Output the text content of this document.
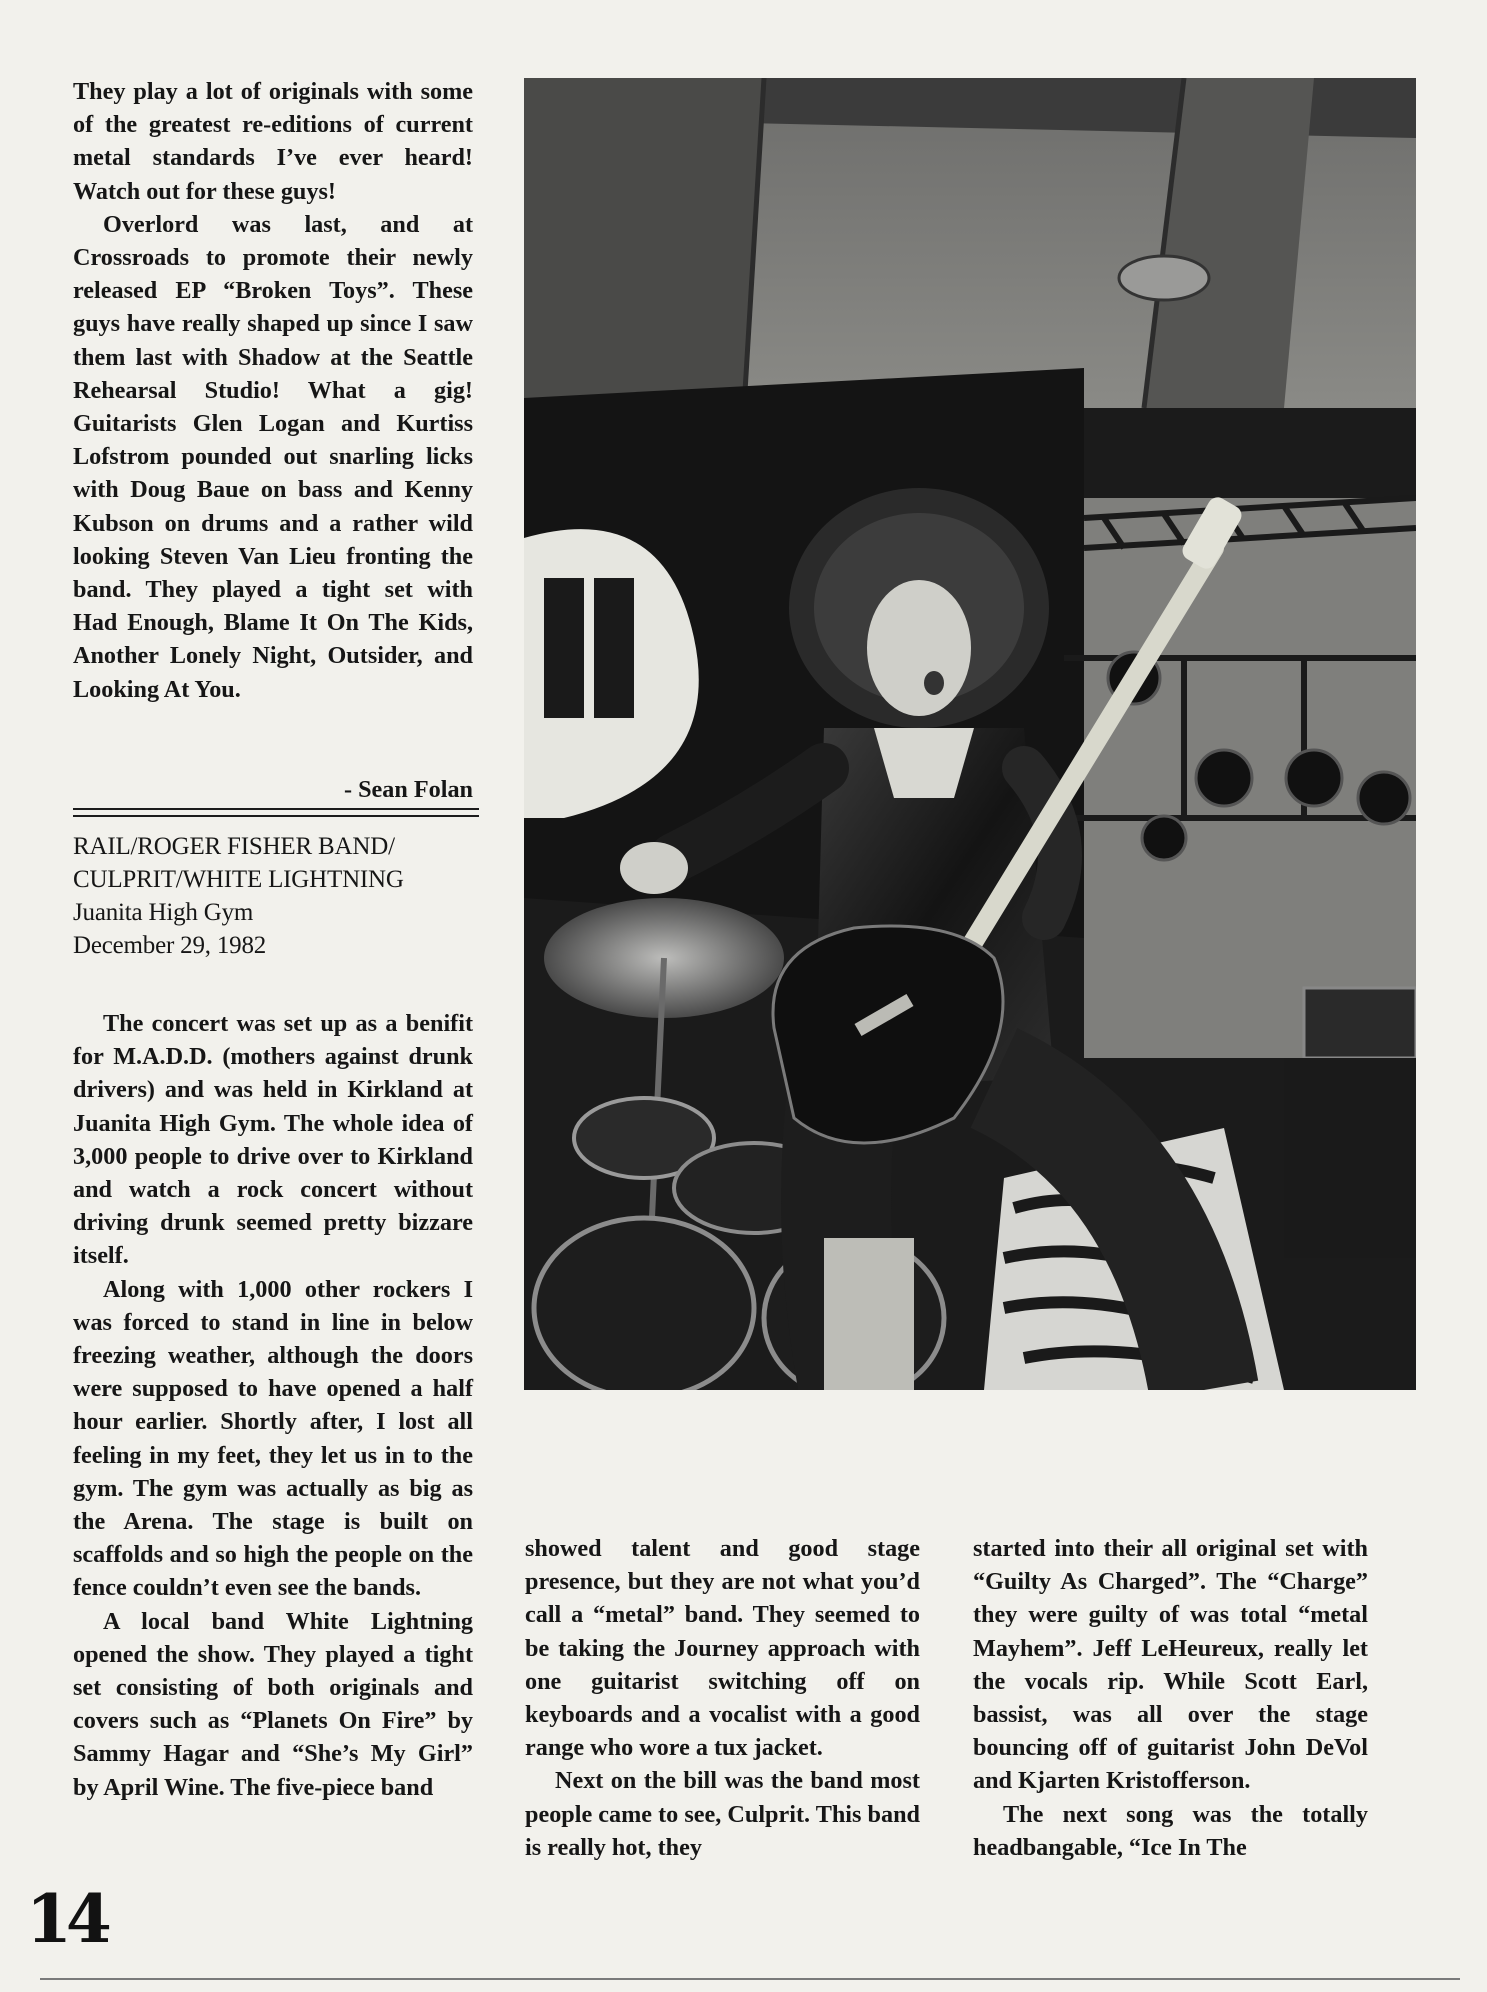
They play a lot of originals with some of the greatest re-editions of current metal standards I’ve ever heard! Watch out for these guys!

Overlord was last, and at Crossroads to promote their newly released EP “Broken Toys”. These guys have really shaped up since I saw them last with Shadow at the Seattle Rehearsal Studio! What a gig! Guitarists Glen Logan and Kurtiss Lofstrom pounded out snarling licks with Doug Baue on bass and Kenny Kubson on drums and a rather wild looking Steven Van Lieu fronting the band. They played a tight set with Had Enough, Blame It On The Kids, Another Lonely Night, Outsider, and Looking At You.

- Sean Folan
RAIL/ROGER FISHER BAND/
CULPRIT/WHITE LIGHTNING
Juanita High Gym
December 29, 1982

The concert was set up as a benifit for M.A.D.D. (mothers against drunk drivers) and was held in Kirkland at Juanita High Gym. The whole idea of 3,000 people to drive over to Kirkland and watch a rock concert without driving drunk seemed pretty bizzare itself.

Along with 1,000 other rockers I was forced to stand in line in below freezing weather, although the doors were supposed to have opened a half hour earlier. Shortly after, I lost all feeling in my feet, they let us in to the gym. The gym was actually as big as the Arena. The stage is built on scaffolds and so high the people on the fence couldn’t even see the bands.

A local band White Lightning opened the show. They played a tight set consisting of both originals and covers such as “Planets On Fire” by Sammy Hagar and “She’s My Girl” by April Wine. The five-piece band

showed talent and good stage presence, but they are not what you’d call a “metal” band. They seemed to be taking the Journey approach with one guitarist switching off on keyboards and a vocalist with a good range who wore a tux jacket.

Next on the bill was the band most people came to see, Culprit. This band is really hot, they

started into their all original set with “Guilty As Charged”. The “Charge” they were guilty of was total “metal Mayhem”. Jeff LeHeureux, really let the vocals rip. While Scott Earl, bassist, was all over the stage bouncing off of guitarist John DeVol and Kjarten Kristofferson.

The next song was the totally headbangable, “Ice In The

14
